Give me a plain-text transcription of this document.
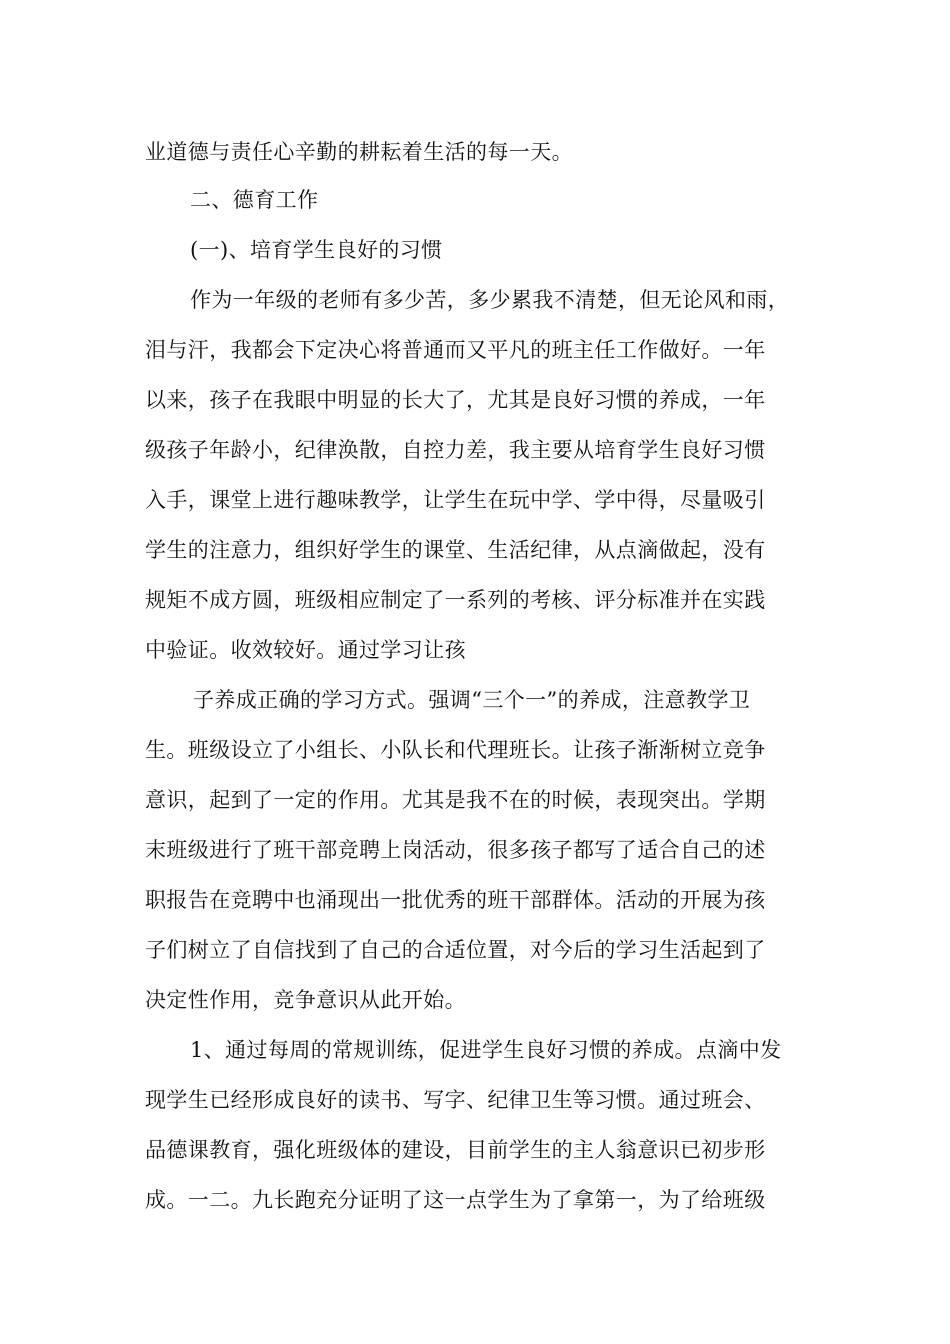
业道德与责任心辛勤的耕耘着生活的每一天。
二、德育工作
(一)、培育学生良好的习惯
作为一年级的老师有多少苦，多少累我不清楚，但无论风和雨，
泪与汗，我都会下定决心将普通而又平凡的班主任工作做好。一年
以来，孩子在我眼中明显的长大了，尤其是良好习惯的养成，一年
级孩子年龄小，纪律涣散，自控力差，我主要从培育学生良好习惯
入手，课堂上进行趣味教学，让学生在玩中学、学中得，尽量吸引
学生的注意力，组织好学生的课堂、生活纪律，从点滴做起，没有
规矩不成方圆，班级相应制定了一系列的考核、评分标准并在实践
中验证。收效较好。通过学习让孩
子养成正确的学习方式。强调“三个一”的养成，注意教学卫
生。班级设立了小组长、小队长和代理班长。让孩子渐渐树立竞争
意识，起到了一定的作用。尤其是我不在的时候，表现突出。学期
末班级进行了班干部竞聘上岗活动，很多孩子都写了适合自己的述
职报告在竞聘中也涌现出一批优秀的班干部群体。活动的开展为孩
子们树立了自信找到了自己的合适位置，对今后的学习生活起到了
决定性作用，竞争意识从此开始。
1、通过每周的常规训练，促进学生良好习惯的养成。点滴中发
现学生已经形成良好的读书、写字、纪律卫生等习惯。通过班会、
品德课教育，强化班级体的建设，目前学生的主人翁意识已初步形
成。一二。九长跑充分证明了这一点学生为了拿第一，为了给班级
